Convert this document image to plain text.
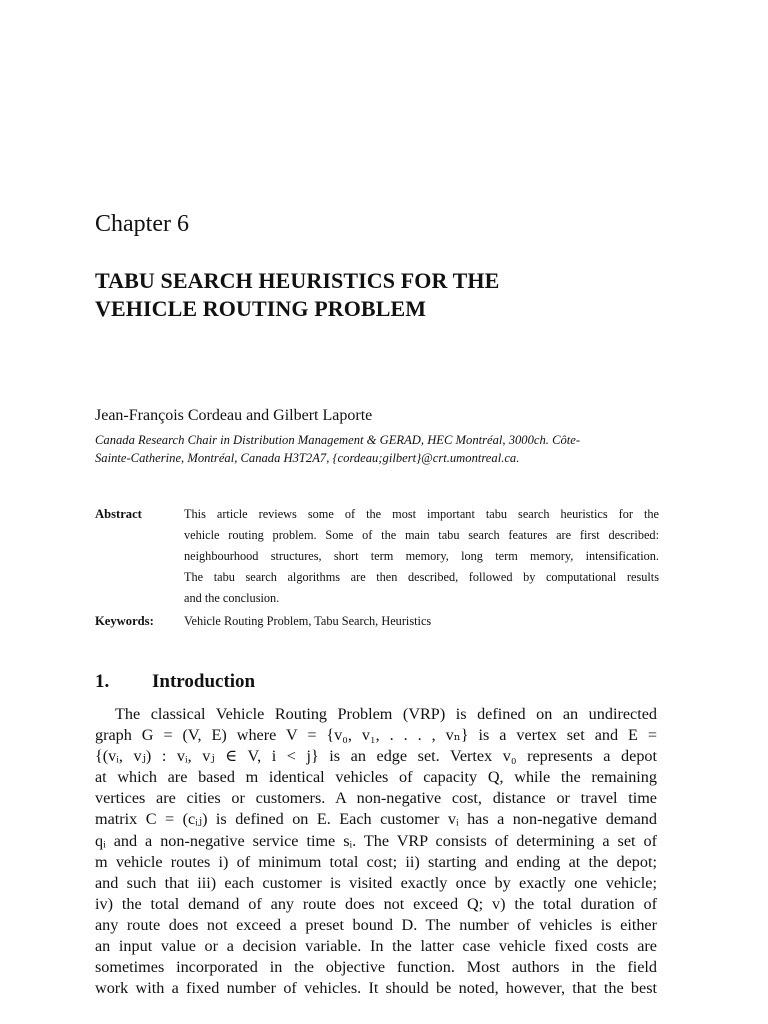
Chapter 6
TABU SEARCH HEURISTICS FOR THE
VEHICLE ROUTING PROBLEM
Jean-François Cordeau and Gilbert Laporte
Canada Research Chair in Distribution Management & GERAD, HEC Montréal, 3000ch. Côte-
Sainte-Catherine, Montréal, Canada H3T2A7, {cordeau;gilbert}@crt.umontreal.ca.
Abstract	This article reviews some of the most important tabu search heuristics for the
vehicle routing problem. Some of the main tabu search features are first described:
neighbourhood structures, short term memory, long term memory, intensification.
The tabu search algorithms are then described, followed by computational results
and the conclusion.
Keywords: Vehicle Routing Problem, Tabu Search, Heuristics
1. Introduction
The classical Vehicle Routing Problem (VRP) is defined on an undirected
graph G = (V, E) where V = {v₀, v₁, . . . , vₙ} is a vertex set and E =
{(vᵢ, vⱼ) : vᵢ, vⱼ ∈ V, i < j} is an edge set. Vertex v₀ represents a depot
at which are based m identical vehicles of capacity Q, while the remaining
vertices are cities or customers. A non-negative cost, distance or travel time
matrix C = (cᵢⱼ) is defined on E. Each customer vᵢ has a non-negative demand
qᵢ and a non-negative service time sᵢ. The VRP consists of determining a set of
m vehicle routes i) of minimum total cost; ii) starting and ending at the depot;
and such that iii) each customer is visited exactly once by exactly one vehicle;
iv) the total demand of any route does not exceed Q; v) the total duration of
any route does not exceed a preset bound D. The number of vehicles is either
an input value or a decision variable. In the latter case vehicle fixed costs are
sometimes incorporated in the objective function. Most authors in the field
work with a fixed number of vehicles. It should be noted, however, that the best
